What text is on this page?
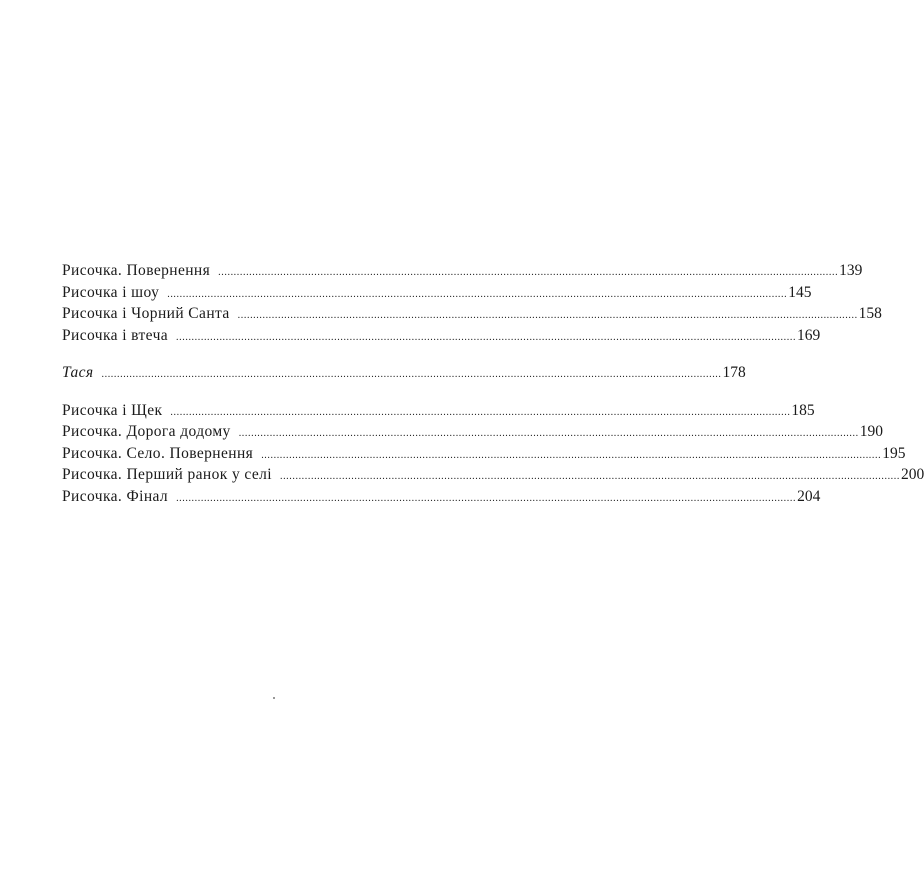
Рисочка. Повернення ........................................................................................................................................................................................................ 139
Рисочка і шоу ........................................................................................................................................................................................................ 145
Рисочка і Чорний Санта ........................................................................................................................................................................................................ 158
Рисочка і втеча ........................................................................................................................................................................................................ 169
Тася ........................................................................................................................................................................................................ 178
Рисочка і Щек ........................................................................................................................................................................................................ 185
Рисочка. Дорога додому ........................................................................................................................................................................................................ 190
Рисочка. Село. Повернення ........................................................................................................................................................................................................ 195
Рисочка. Перший ранок у селі ........................................................................................................................................................................................................ 200
Рисочка. Фінал ........................................................................................................................................................................................................ 204
